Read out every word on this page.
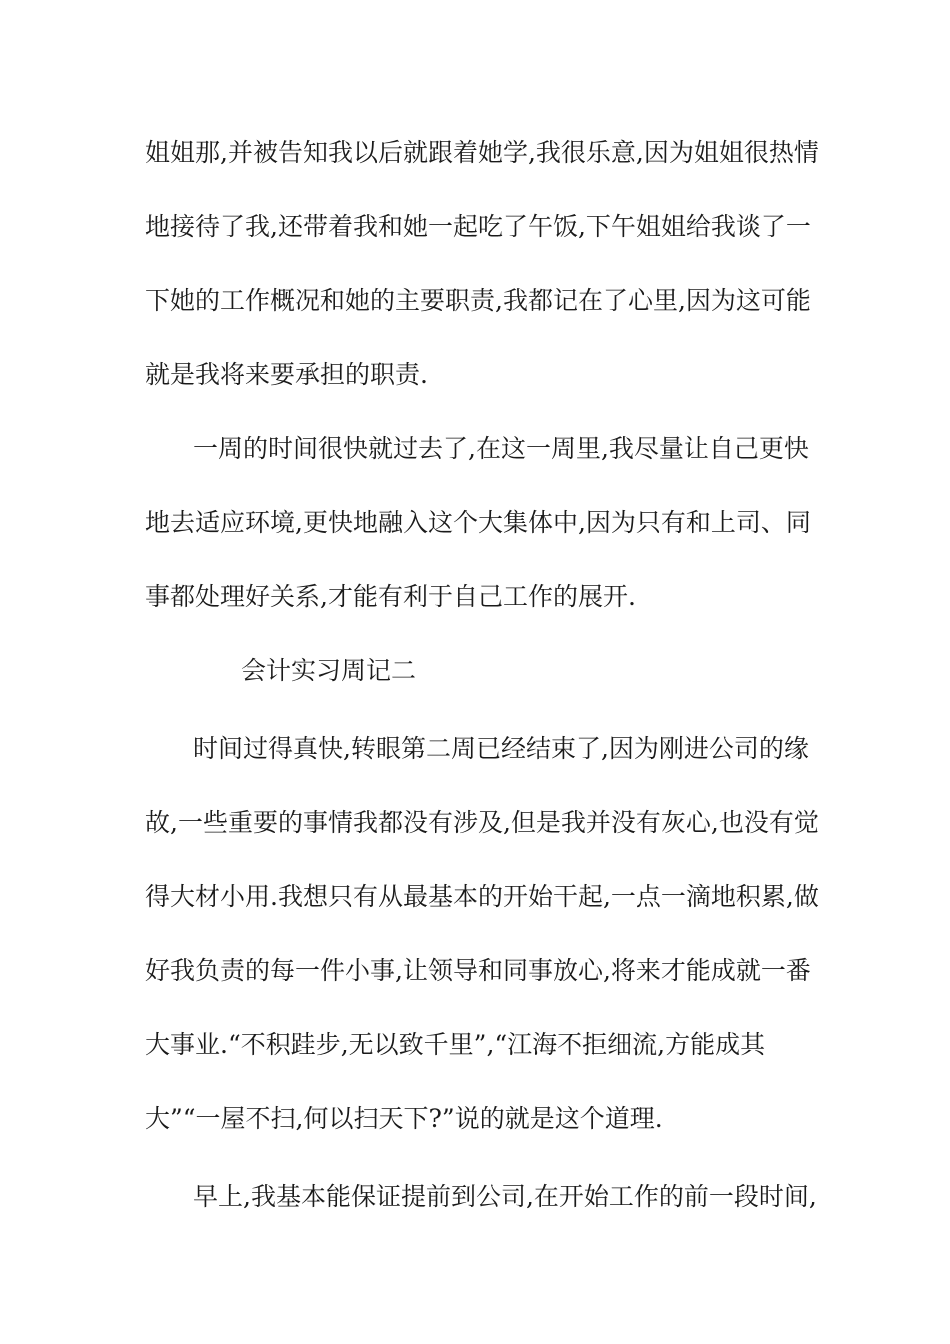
姐姐那,并被告知我以后就跟着她学,我很乐意,因为姐姐很热情
地接待了我,还带着我和她一起吃了午饭,下午姐姐给我谈了一
下她的工作概况和她的主要职责,我都记在了心里,因为这可能
就是我将来要承担的职责.
一周的时间很快就过去了,在这一周里,我尽量让自己更快
地去适应环境,更快地融入这个大集体中,因为只有和上司、同
事都处理好关系,才能有利于自己工作的展开.
会计实习周记二
时间过得真快,转眼第二周已经结束了,因为刚进公司的缘
故,一些重要的事情我都没有涉及,但是我并没有灰心,也没有觉
得大材小用.我想只有从最基本的开始干起,一点一滴地积累,做
好我负责的每一件小事,让领导和同事放心,将来才能成就一番
大事业.“不积跬步,无以致千里”,“江海不拒细流,方能成其
大”“一屋不扫,何以扫天下?”说的就是这个道理.
早上,我基本能保证提前到公司,在开始工作的前一段时间,
